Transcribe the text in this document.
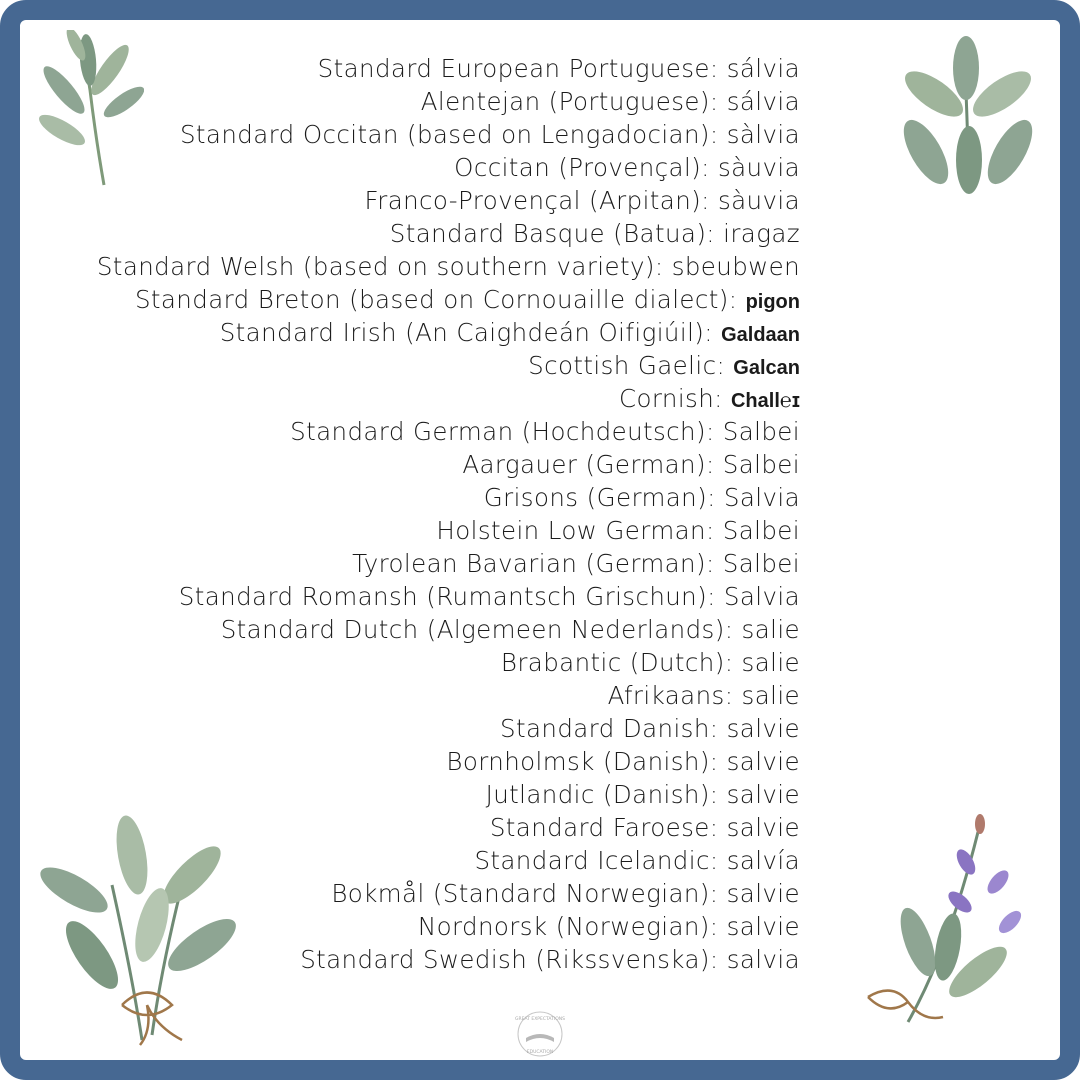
Standard European Portuguese: sálvia
Alentejan (Portuguese): sálvia
Standard Occitan (based on Lengadocian): sàlvia
Occitan (Provençal): sàuvia
Franco-Provençal (Arpitan): sàuvia
Standard Basque (Batua): iragaz
Standard Welsh (based on southern variety): sbeubwen
Standard Breton (based on Cornouaille dialect): pigon
Standard Irish (An Caighdeán Oifigiúil): Galdaan
Scottish Gaelic: Galcan
Cornish: Chall℮ɪ
Standard German (Hochdeutsch): Salbei
Aargauer (German): Salbei
Grisons (German): Salvia
Holstein Low German: Salbei
Tyrolean Bavarian (German): Salbei
Standard Romansh (Rumantsch Grischun): Salvia
Standard Dutch (Algemeen Nederlands): salie
Brabantic (Dutch): salie
Afrikaans: salie
Standard Danish: salvie
Bornholmsk (Danish): salvie
Jutlandic (Danish): salvie
Standard Faroese: salvie
Standard Icelandic: salvía
Bokmål (Standard Norwegian): salvie
Nordnorsk (Norwegian): salvie
Standard Swedish (Rikssvenska): salvia
GREAT EXPECTATIONS
EDUCATION
